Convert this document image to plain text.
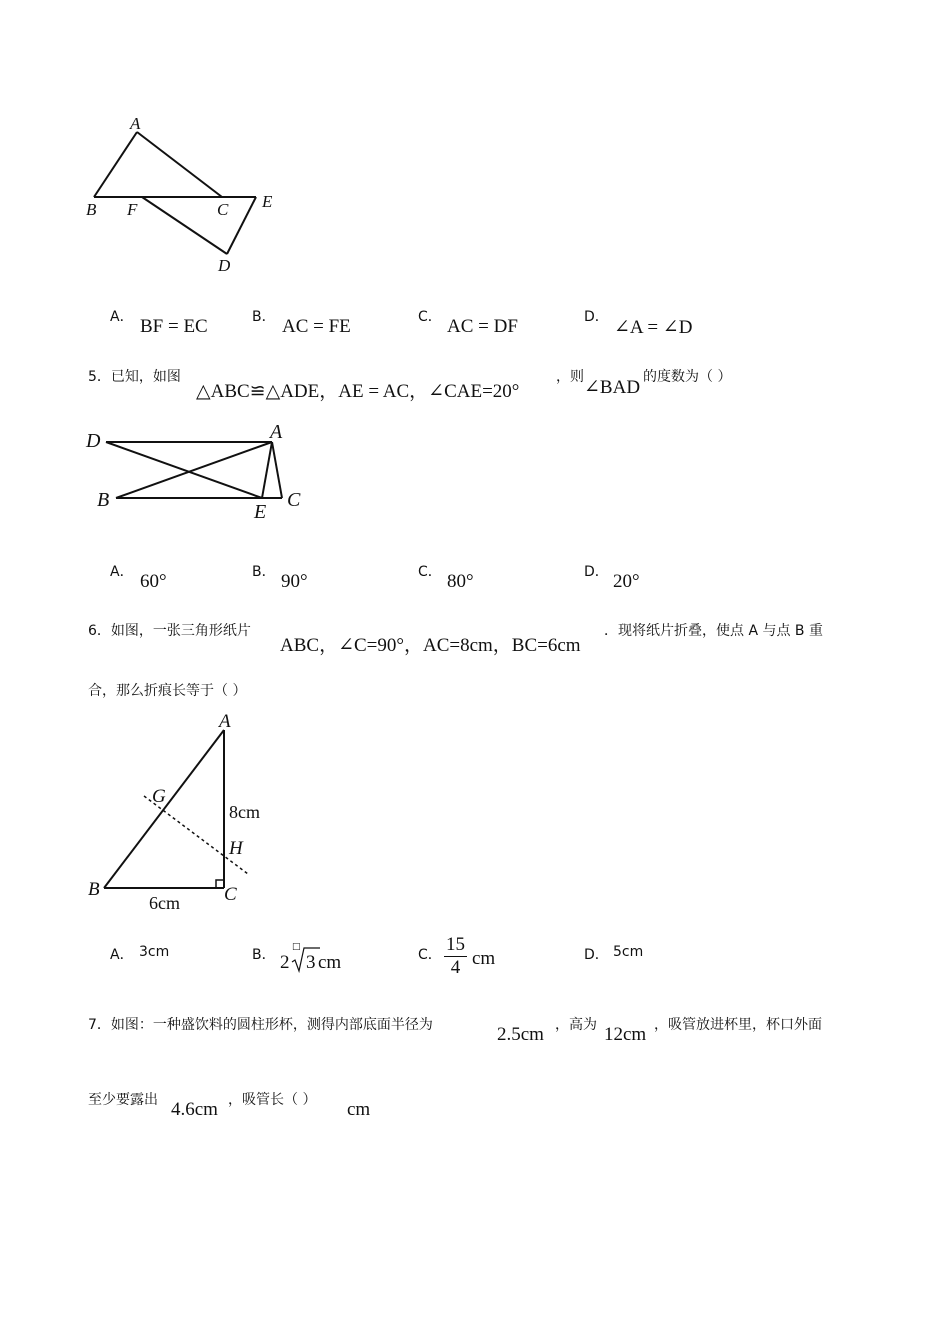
A
B F	C E
D
A． BF = EC	B． AC = FE	C． AC = DF	D． ∠A = ∠D
5．已知，如图
△ABC≌△ADE，AE = AC，∠CAE=20°
，则 ∠BAD 的度数为（ ）
D	A
B
E
C
A． 60°	B． 90°	C． 80°	D． 20°
6．如图，一张三角形纸片
ABC，∠C=90°，AC=8cm，BC=6cm
．现将纸片折叠，使点 A 与点 B 重
合，那么折痕长等于（ ）
A
G
8cm
H
B	C
6cm
A． 3cm	B． 2
□
3 cm	C． $\frac{15}{4}$ cm	D． 5cm
7．如图：一种盛饮料的圆柱形杯，测得内部底面半径为	2.5cm ，高为 12cm ，吸管放进杯里，杯口外面
至少要露出 4.6cm ，吸管长（ ） cm
